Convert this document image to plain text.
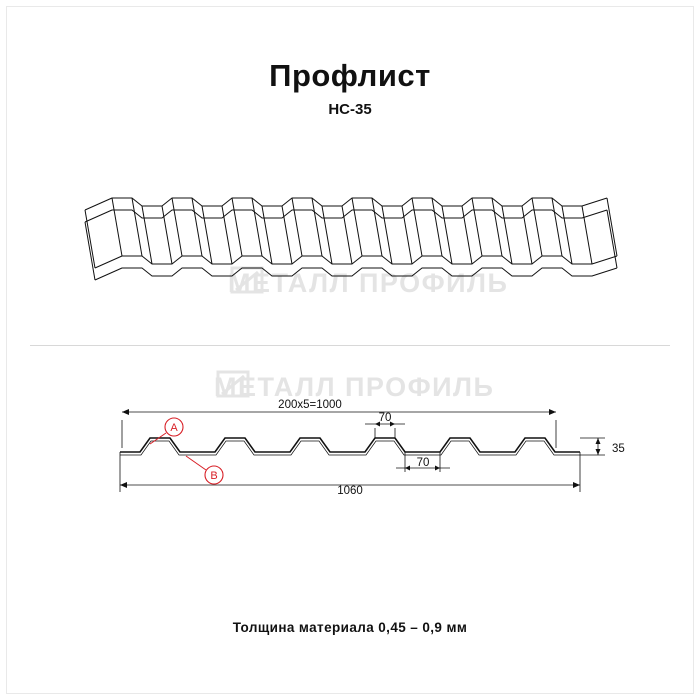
Профлист
НС-35
МЕТАЛЛ ПРОФИЛЬ
МЕТАЛЛ ПРОФИЛЬ
200x5=1000
70
70
1060
35
A
B
Толщина материала 0,45 – 0,9 мм
